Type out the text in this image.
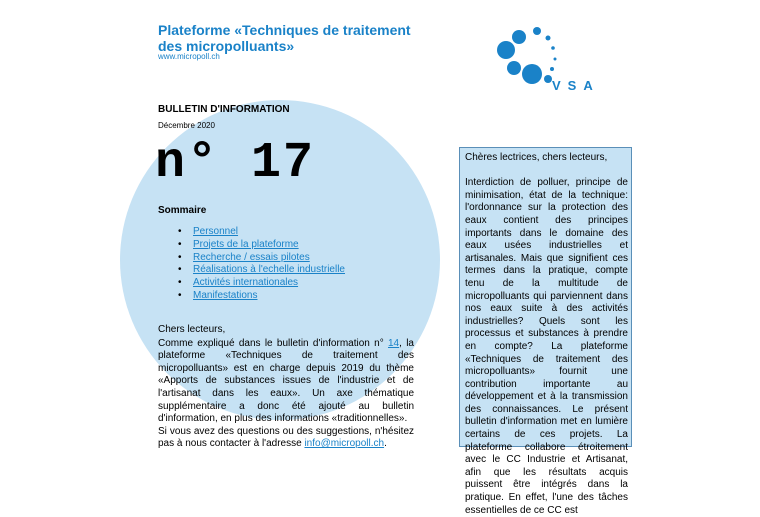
Plateforme «Techniques de traitement des micropolluants»
www.micropoll.ch
VSA
BULLETIN D'INFORMATION
Décembre 2020
n° 17
Sommaire
• Personnel
• Projets de la plateforme
• Recherche / essais pilotes
• Réalisations à l'echelle industrielle
• Activités internationales
• Manifestations

Chers lecteurs,

Comme expliqué dans le bulletin d'information n° 14, la plateforme «Techniques de traitement des micropolluants» est en charge depuis 2019 du thème «Apports de substances issues de l'industrie et de l'artisanat dans les eaux». Un axe thématique supplémentaire a donc été ajouté au bulletin d'information, en plus des informations «traditionnelles».

Si vous avez des questions ou des suggestions, n'hésitez pas à nous contacter à l'adresse info@micropoll.ch.

Chères lectrices, chers lecteurs,

Interdiction de polluer, principe de minimisation, état de la technique: l'ordonnance sur la protection des eaux contient des principes importants dans le domaine des eaux usées industrielles et artisanales. Mais que signifient ces termes dans la pratique, compte tenu de la multitude de micropolluants qui parviennent dans nos eaux suite à des activités industrielles? Quels sont les processus et substances à prendre en compte? La plateforme «Techniques de traitement des micropolluants» fournit une contribution importante au développement et à la transmission des connaissances. Le présent bulletin d'information met en lumière certains de ces projets. La plateforme collabore étroitement avec le CC Industrie et Artisanat, afin que les résultats acquis puissent être intégrés dans la pratique. En effet, l'une des tâches essentielles de ce CC est
